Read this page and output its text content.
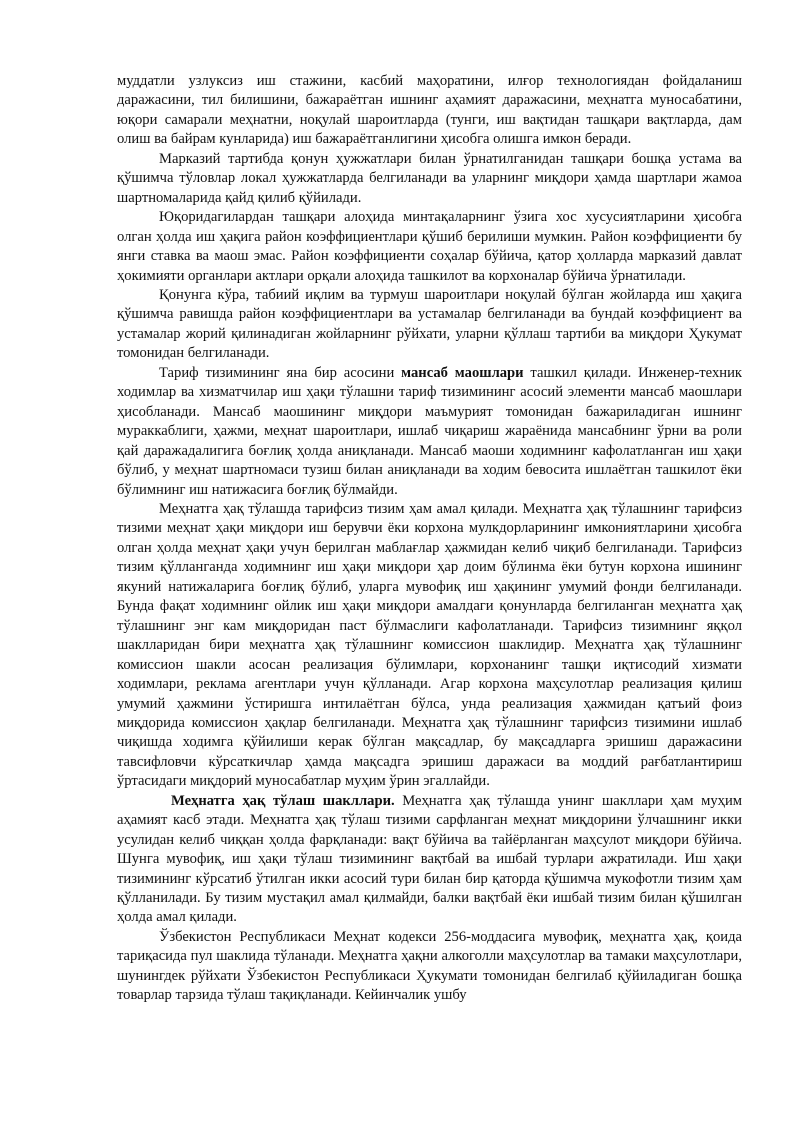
муддатли узлуксиз иш стажини, касбий маҳоратини, илғор технологиядан фойдаланиш даражасини, тил билишини, бажараётган ишнинг аҳамият даражасини, меҳнатга муносабатини, юқори самарали меҳнатни, ноқулай шароитларда (тунги, иш вақтидан ташқари вақтларда, дам олиш ва байрам кунларида) иш бажараётганлигини ҳисобга олишга имкон беради.

Марказий тартибда қонун ҳужжатлари билан ўрнатилганидан ташқари бошқа устама ва қўшимча тўловлар локал ҳужжатларда белгиланади ва уларнинг миқдори ҳамда шартлари жамоа шартномаларида қайд қилиб қўйилади.

Юқоридагилардан ташқари алоҳида минтақаларнинг ўзига хос хусусиятларини ҳисобга олган ҳолда иш ҳақига район коэффициентлари қўшиб берилиши мумкин. Район коэффициенти бу янги ставка ва маош эмас. Район коэффициенти соҳалар бўйича, қатор ҳолларда марказий давлат ҳокимияти органлари актлари орқали алоҳида ташкилот ва корхоналар бўйича ўрнатилади.

Қонунга кўра, табиий иқлим ва турмуш шароитлари ноқулай бўлган жойларда иш ҳақига қўшимча равишда район коэффициентлари ва устамалар белгиланади ва бундай коэффициент ва устамалар жорий қилинадиган жойларнинг рўйхати, уларни қўллаш тартиби ва миқдори Ҳукумат томонидан белгиланади.

Тариф тизимининг яна бир асосини мансаб маошлари ташкил қилади. Инженер-техник ходимлар ва хизматчилар иш ҳақи тўлашни тариф тизимининг асосий элементи мансаб маошлари ҳисобланади. Мансаб маошининг миқдори маъмурият томонидан бажариладиган ишнинг мураккаблиги, ҳажми, меҳнат шароитлари, ишлаб чиқариш жараёнида мансабнинг ўрни ва роли қай даражадалигига боғлиқ ҳолда аниқланади. Мансаб маоши ходимнинг кафолатланган иш ҳақи бўлиб, у меҳнат шартномаси тузиш билан аниқланади ва ходим бевосита ишлаётган ташкилот ёки бўлимнинг иш натижасига боғлиқ бўлмайди.

Меҳнатга ҳақ тўлашда тарифсиз тизим ҳам амал қилади. Меҳнатга ҳақ тўлашнинг тарифсиз тизими меҳнат ҳақи миқдори иш берувчи ёки корхона мулкдорларининг имкониятларини ҳисобга олган ҳолда меҳнат ҳақи учун берилган маблағлар ҳажмидан келиб чиқиб белгиланади. Тарифсиз тизим қўлланганда ходимнинг иш ҳақи миқдори ҳар доим бўлинма ёки бутун корхона ишининг якуний натижаларига боғлиқ бўлиб, уларга мувофиқ иш ҳақининг умумий фонди белгиланади. Бунда фақат ходимнинг ойлик иш ҳақи миқдори амалдаги қонунларда белгиланган меҳнатга ҳақ тўлашнинг энг кам миқдоридан паст бўлмаслиги кафолатланади. Тарифсиз тизимнинг яққол шаклларидан бири меҳнатга ҳақ тўлашнинг комиссион шаклидир. Меҳнатга ҳақ тўлашнинг комиссион шакли асосан реализация бўлимлари, корхонанинг ташқи иқтисодий хизмати ходимлари, реклама агентлари учун қўлланади. Агар корхона маҳсулотлар реализация қилиш умумий ҳажмини ўстиришга интилаётган бўлса, унда реализация ҳажмидан қатъий фоиз миқдорида комиссион ҳақлар белгиланади. Меҳнатга ҳақ тўлашнинг тарифсиз тизимини ишлаб чиқишда ходимга қўйилиши керак бўлган мақсадлар, бу мақсадларга эришиш даражасини тавсифловчи кўрсаткичлар ҳамда мақсадга эришиш даражаси ва моддий рағбатлантириш ўртасидаги миқдорий муносабатлар муҳим ўрин эгаллайди.

Меҳнатга ҳақ тўлаш шакллари. Меҳнатга ҳақ тўлашда унинг шакллари ҳам муҳим аҳамият касб этади. Меҳнатга ҳақ тўлаш тизими сарфланган меҳнат миқдорини ўлчашнинг икки усулидан келиб чиққан ҳолда фарқланади: вақт бўйича ва тайёрланган маҳсулот миқдори бўйича. Шунга мувофиқ, иш ҳақи тўлаш тизимининг вақтбай ва ишбай турлари ажратилади. Иш ҳақи тизимининг кўрсатиб ўтилган икки асосий тури билан бир қаторда қўшимча мукофотли тизим ҳам қўлланилади. Бу тизим мустақил амал қилмайди, балки вақтбай ёки ишбай тизим билан қўшилган ҳолда амал қилади.

Ўзбекистон Республикаси Меҳнат кодекси 256-моддасига мувофиқ, меҳнатга ҳақ, қоида тариқасида пул шаклида тўланади. Меҳнатга ҳақни алкоголли маҳсулотлар ва тамаки маҳсулотлари, шунингдек рўйхати Ўзбекистон Республикаси Ҳукумати томонидан белгилаб қўйиладиган бошқа товарлар тарзида тўлаш тақиқланади. Кейинчалик ушбу
